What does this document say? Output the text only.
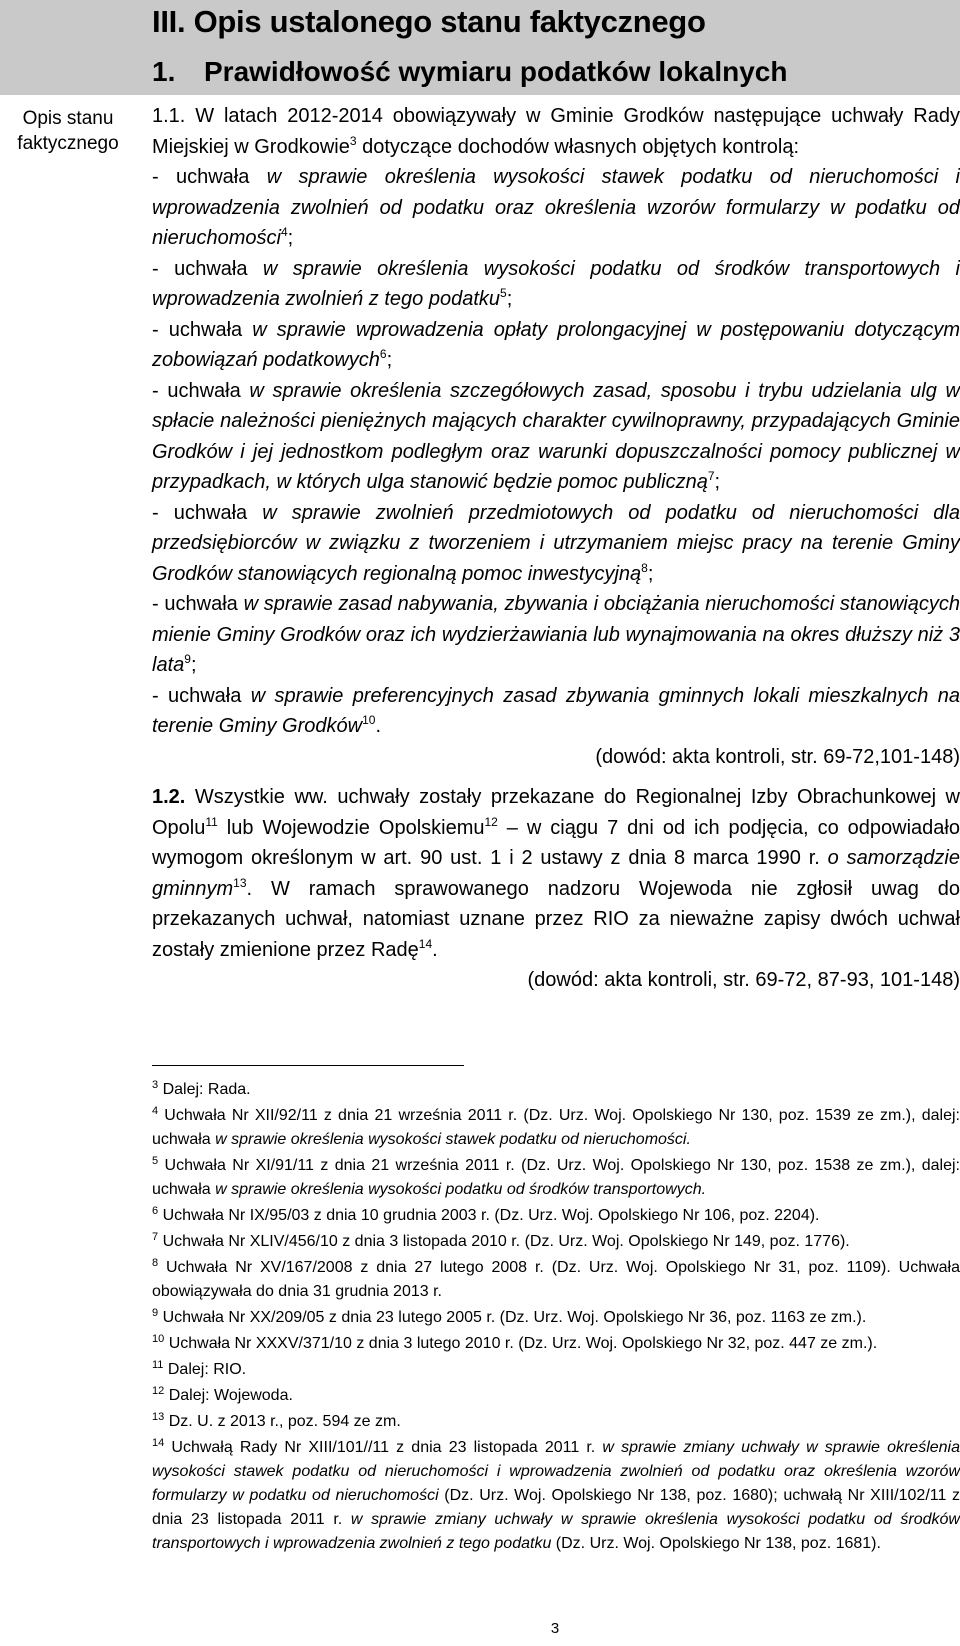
III. Opis ustalonego stanu faktycznego
1. Prawidłowość wymiaru podatków lokalnych
Opis stanu faktycznego

1.1. W latach 2012-2014 obowiązywały w Gminie Grodków następujące uchwały Rady Miejskiej w Grodkowie$^3$ dotyczące dochodów własnych objętych kontrolą:

- uchwała w sprawie określenia wysokości stawek podatku od nieruchomości i wprowadzenia zwolnień od podatku oraz określenia wzorów formularzy w podatku od nieruchomości$^4$;

- uchwała w sprawie określenia wysokości podatku od środków transportowych i wprowadzenia zwolnień z tego podatku$^5$;

- uchwała w sprawie wprowadzenia opłaty prolongacyjnej w postępowaniu dotyczącym zobowiązań podatkowych$^6$;

- uchwała w sprawie określenia szczegółowych zasad, sposobu i trybu udzielania ulg w spłacie należności pieniężnych mających charakter cywilnoprawny, przypadających Gminie Grodków i jej jednostkom podległym oraz warunki dopuszczalności pomocy publicznej w przypadkach, w których ulga stanowić będzie pomoc publiczną$^7$;

- uchwała w sprawie zwolnień przedmiotowych od podatku od nieruchomości dla przedsiębiorców w związku z tworzeniem i utrzymaniem miejsc pracy na terenie Gminy Grodków stanowiących regionalną pomoc inwestycyjną$^8$;

- uchwała w sprawie zasad nabywania, zbywania i obciążania nieruchomości stanowiących mienie Gminy Grodków oraz ich wydzierżawiania lub wynajmowania na okres dłuższy niż 3 lata$^9$;

- uchwała w sprawie preferencyjnych zasad zbywania gminnych lokali mieszkalnych na terenie Gminy Grodków$^{10}$.

(dowód: akta kontroli, str. 69-72,101-148)

1.2. Wszystkie ww. uchwały zostały przekazane do Regionalnej Izby Obrachunkowej w Opolu$^{11}$ lub Wojewodzie Opolskiemu$^{12}$ – w ciągu 7 dni od ich podjęcia, co odpowiadało wymogom określonym w art. 90 ust. 1 i 2 ustawy z dnia 8 marca 1990 r. o samorządzie gminnym$^{13}$. W ramach sprawowanego nadzoru Wojewoda nie zgłosił uwag do przekazanych uchwał, natomiast uznane przez RIO za nieważne zapisy dwóch uchwał zostały zmienione przez Radę$^{14}$.

(dowód: akta kontroli, str. 69-72, 87-93, 101-148)

$^3$ Dalej: Rada.

$^4$ Uchwała Nr XII/92/11 z dnia 21 września 2011 r. (Dz. Urz. Woj. Opolskiego Nr 130, poz. 1539 ze zm.), dalej: uchwała w sprawie określenia wysokości stawek podatku od nieruchomości.

$^5$ Uchwała Nr XI/91/11 z dnia 21 września 2011 r. (Dz. Urz. Woj. Opolskiego Nr 130, poz. 1538 ze zm.), dalej: uchwała w sprawie określenia wysokości podatku od środków transportowych.

$^6$ Uchwała Nr IX/95/03 z dnia 10 grudnia 2003 r. (Dz. Urz. Woj. Opolskiego Nr 106, poz. 2204).

$^7$ Uchwała Nr XLIV/456/10 z dnia 3 listopada 2010 r. (Dz. Urz. Woj. Opolskiego Nr 149, poz. 1776).

$^8$ Uchwała Nr XV/167/2008 z dnia 27 lutego 2008 r. (Dz. Urz. Woj. Opolskiego Nr 31, poz. 1109). Uchwała obowiązywała do dnia 31 grudnia 2013 r.

$^9$ Uchwała Nr XX/209/05 z dnia 23 lutego 2005 r. (Dz. Urz. Woj. Opolskiego Nr 36, poz. 1163 ze zm.).

$^{10}$ Uchwała Nr XXXV/371/10 z dnia 3 lutego 2010 r. (Dz. Urz. Woj. Opolskiego Nr 32, poz. 447 ze zm.).

$^{11}$ Dalej: RIO.

$^{12}$ Dalej: Wojewoda.

$^{13}$ Dz. U. z 2013 r., poz. 594 ze zm.

$^{14}$ Uchwałą Rady Nr XIII/101//11 z dnia 23 listopada 2011 r. w sprawie zmiany uchwały w sprawie określenia wysokości stawek podatku od nieruchomości i wprowadzenia zwolnień od podatku oraz określenia wzorów formularzy w podatku od nieruchomości (Dz. Urz. Woj. Opolskiego Nr 138, poz. 1680); uchwałą Nr XIII/102/11 z dnia 23 listopada 2011 r. w sprawie zmiany uchwały w sprawie określenia wysokości podatku od środków transportowych i wprowadzenia zwolnień z tego podatku (Dz. Urz. Woj. Opolskiego Nr 138, poz. 1681).

3
